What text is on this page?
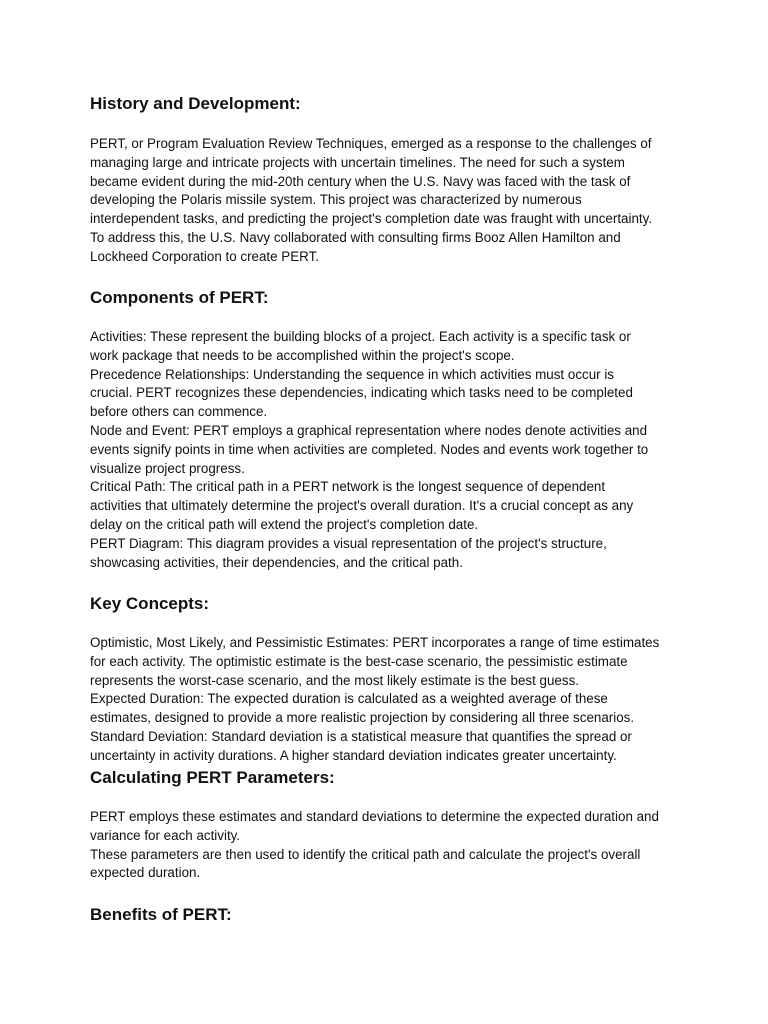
History and Development:
PERT, or Program Evaluation Review Techniques, emerged as a response to the challenges of
managing large and intricate projects with uncertain timelines. The need for such a system
became evident during the mid-20th century when the U.S. Navy was faced with the task of
developing the Polaris missile system. This project was characterized by numerous
interdependent tasks, and predicting the project's completion date was fraught with uncertainty.
To address this, the U.S. Navy collaborated with consulting firms Booz Allen Hamilton and
Lockheed Corporation to create PERT.
Components of PERT:
Activities: These represent the building blocks of a project. Each activity is a specific task or
work package that needs to be accomplished within the project's scope.
Precedence Relationships: Understanding the sequence in which activities must occur is
crucial. PERT recognizes these dependencies, indicating which tasks need to be completed
before others can commence.
Node and Event: PERT employs a graphical representation where nodes denote activities and
events signify points in time when activities are completed. Nodes and events work together to
visualize project progress.
Critical Path: The critical path in a PERT network is the longest sequence of dependent
activities that ultimately determine the project's overall duration. It's a crucial concept as any
delay on the critical path will extend the project's completion date.
PERT Diagram: This diagram provides a visual representation of the project's structure,
showcasing activities, their dependencies, and the critical path.
Key Concepts:
Optimistic, Most Likely, and Pessimistic Estimates: PERT incorporates a range of time estimates
for each activity. The optimistic estimate is the best-case scenario, the pessimistic estimate
represents the worst-case scenario, and the most likely estimate is the best guess.
Expected Duration: The expected duration is calculated as a weighted average of these
estimates, designed to provide a more realistic projection by considering all three scenarios.
Standard Deviation: Standard deviation is a statistical measure that quantifies the spread or
uncertainty in activity durations. A higher standard deviation indicates greater uncertainty.
Calculating PERT Parameters:
PERT employs these estimates and standard deviations to determine the expected duration and
variance for each activity.
These parameters are then used to identify the critical path and calculate the project's overall
expected duration.
Benefits of PERT:
